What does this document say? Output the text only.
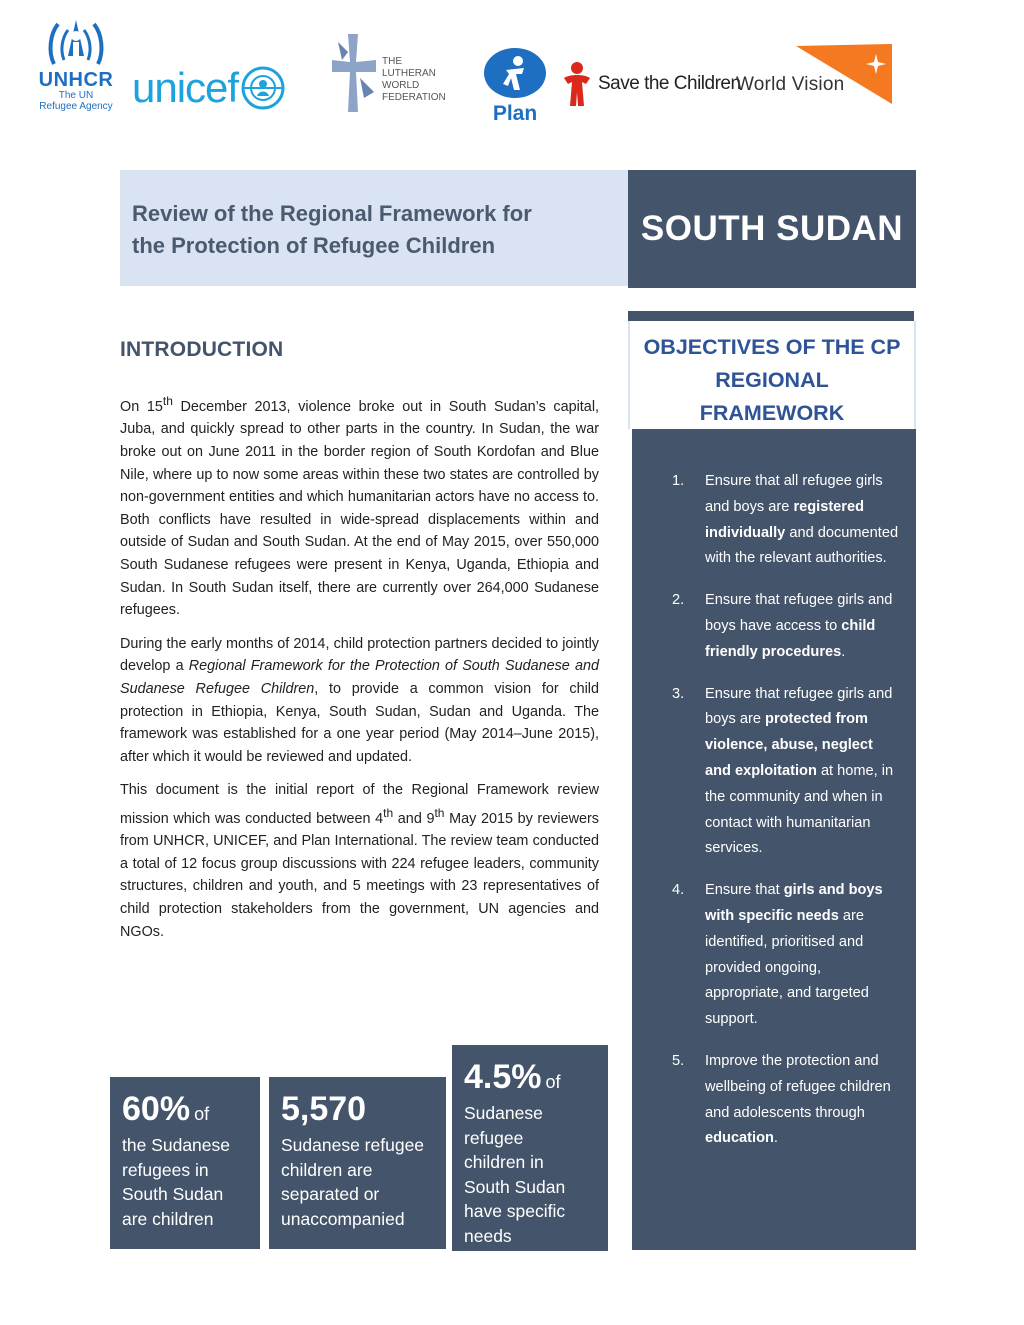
UNHCR
The UN
Refugee Agency unicef
THE
LUTHERAN
WORLD
FEDERATION
Plan
Save the Children
World Vision
Review of the Regional Framework for
the Protection of Refugee Children	SOUTH SUDAN
INTRODUCTION

On 15th December 2013, violence broke out in South Sudan’s capital, Juba, and quickly spread to other parts in the country. In Sudan, the war broke out on June 2011 in the border region of South Kordofan and Blue Nile, where up to now some areas within these two states are controlled by non-government entities and which humanitarian actors have no access to. Both conflicts have resulted in wide-spread displacements within and outside of Sudan and South Sudan. At the end of May 2015, over 550,000 South Sudanese refugees were present in Kenya, Uganda, Ethiopia and Sudan. In South Sudan itself, there are currently over 264,000 Sudanese refugees.

During the early months of 2014, child protection partners decided to jointly develop a Regional Framework for the Protection of South Sudanese and Sudanese Refugee Children, to provide a common vision for child protection in Ethiopia, Kenya, South Sudan, Sudan and Uganda. The framework was established for a one year period (May 2014–June 2015), after which it would be reviewed and updated.

This document is the initial report of the Regional Framework review mission which was conducted between 4th and 9th May 2015 by reviewers from UNHCR, UNICEF, and Plan International. The review team conducted a total of 12 focus group discussions with 224 refugee leaders, community structures, children and youth, and 5 meetings with 23 representatives of child protection stakeholders from the government, UN agencies and NGOs.

60% of
the Sudanese
refugees in
South Sudan
are children
5,570
Sudanese refugee
children are
separated or
unaccompanied
4.5% of
Sudanese
refugee
children in
South Sudan
have specific
needs
OBJECTIVES OF THE CP
REGIONAL
FRAMEWORK
1. Ensure that all refugee girls and boys are registered individually and documented with the relevant authorities.
2. Ensure that refugee girls and boys have access to child friendly procedures.
3. Ensure that refugee girls and boys are protected from violence, abuse, neglect and exploitation at home, in the community and when in contact with humanitarian services.
4. Ensure that girls and boys with specific needs are identified, prioritised and provided ongoing, appropriate, and targeted support.
5. Improve the protection and wellbeing of refugee children and adolescents through education.
